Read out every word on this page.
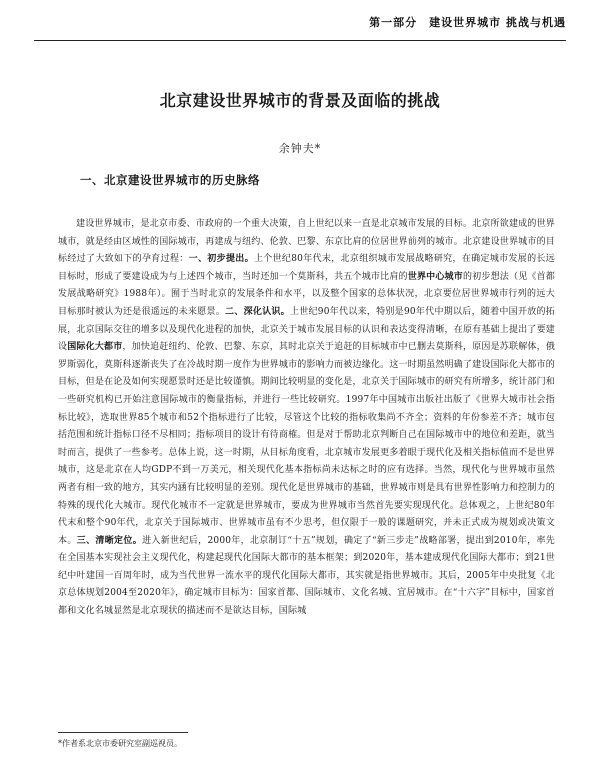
第一部分　建设世界城市 挑战与机遇
北京建设世界城市的背景及面临的挑战
余钟夫*
一、北京建设世界城市的历史脉络
建设世界城市，是北京市委、市政府的一个重大决策，自上世纪以来一直是北京城市发展的目标。北京所欲建成的世界城市，就是经由区域性的国际城市，再建成与纽约、伦敦、巴黎、东京比肩的位居世界前列的城市。北京建设世界城市的目标经过了大致如下的孕育过程：一、初步提出。上个世纪80年代末，北京组织城市发展战略研究，在确定城市发展的长远目标时，形成了要建设成为与上述四个城市，当时还加一个莫斯科，共五个城市比肩的世界中心城市的初步想法（见《首都发展战略研究》1988年）。囿于当时北京的发展条件和水平，以及整个国家的总体状况，北京要位居世界城市行列的远大目标那时被认为还是很遥远的未来愿景。二、深化认识。上世纪90年代以来，特别是90年代中期以后，随着中国开放的拓展，北京国际交往的增多以及现代化进程的加快，北京关于城市发展目标的认识和表达变得清晰，在原有基础上提出了要建设国际化大都市，加快追赶纽约、伦敦、巴黎、东京，其时北京关于追赶的目标城市中已删去莫斯科，原因是苏联解体，俄罗斯弱化，莫斯科逐渐丧失了在冷战时期一度作为世界城市的影响力而被边缘化。这一时期虽然明确了建设国际化大都市的目标，但是在论及如何实现愿景时还是比较谨慎。期间比较明显的变化是，北京关于国际城市的研究有所增多，统计部门和一些研究机构已开始注意国际城市的衡量指标，并进行一些比较研究。1997年中国城市出版社出版了《世界大城市社会指标比较》，选取世界85个城市和52个指标进行了比较，尽管这个比较的指标收集尚不齐全；资料的年份参差不齐；城市包括范围和统计指标口径不尽相同；指标项目的设计有待商榷。但是对于帮助北京判断自己在国际城市中的地位和差距，就当时而言，提供了一些参考。总体上说，这一时期，从目标角度看，北京城市发展更多着眼于现代化及相关指标值而不是世界城市，这是北京在人均GDP不到一万美元，相关现代化基本指标尚未达标之时的应有选择。当然，现代化与世界城市虽然两者有相一致的地方，其实内涵有比较明显的差别。现代化是世界城市的基础，世界城市则是具有世界性影响力和控制力的特殊的现代化大城市。现代化城市不一定就是世界城市，要成为世界城市当然首先要实现现代化。总体观之，上世纪80年代末和整个90年代，北京关于国际城市、世界城市虽有不少思考，但仅限于一般的课题研究，并未正式成为规划或决策文本。三、清晰定位。进入新世纪后，2000年，北京制订“十五”规划，确定了“新三步走”战略部署，提出到2010年，率先在全国基本实现社会主义现代化，构建起现代化国际大都市的基本框架；到2020年，基本建成现代化国际大都市；到21世纪中叶建国一百周年时，成为当代世界一流水平的现代化国际大都市，其实就是指世界城市。其后，2005年中央批复《北京总体规划2004至2020年》，确定城市目标为：国家首都、国际城市、文化名城、宜居城市。在“十六字”目标中，国家首都和文化名城显然是北京现状的描述而不是欲达目标，国际城
*作者系北京市委研究室副巡视员。
